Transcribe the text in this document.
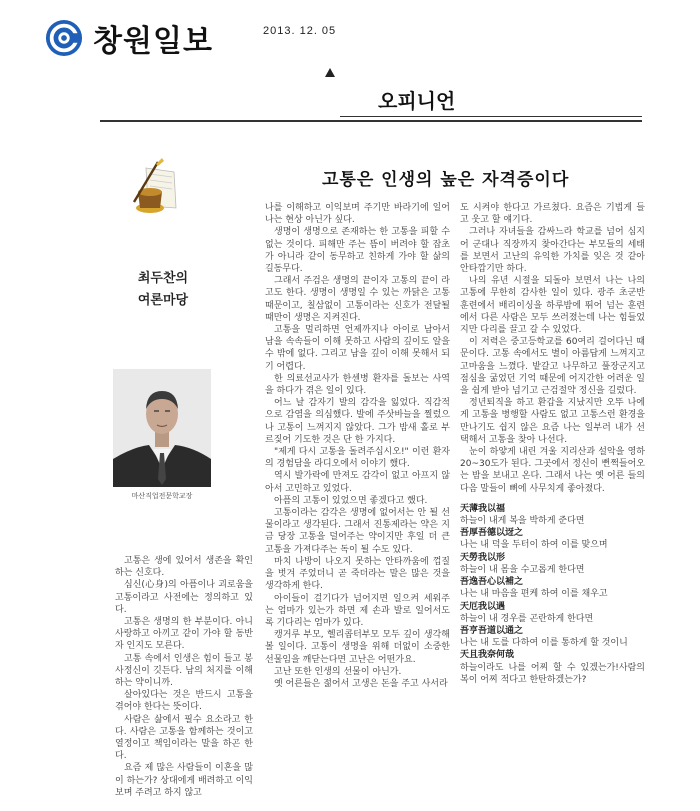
창원일보	2013. 12. 05
오피니언
최두찬의
여론마당
마산직업전문학교장
고통은 인생의 높은 자격증이다

고통은 생에 있어서 생존을 확인하는 신호다.

심신(心身)의 아픔이나 괴로움을 고통이라고 사전에는 정의하고 있다.

고통은 생명의 한 부분이다. 아니 사랑하고 아끼고 같이 가야 할 동반자 인지도 모른다.

고통 속에서 인생은 힘이 들고 봉사정신이 깃든다. 남의 처지를 이해하는 약이니까.

살아있다는 것은 반드시 고통을 겪어야 한다는 뜻이다.

사람은 삶에서 필수 요소라고 한다. 사람은 고통을 함께하는 것이고 열정이고 책임이라는 말을 하곤 한다.

요즘 제 많은 사람들이 이혼을 많이 하는가? 상대에게 배려하고 이익보며 주려고 하지 않고

나를 이해하고 이익보며 주기만 바라기에 일어나는 현상 아닌가 싶다.

생명이 생명으로 존재하는 한 고통을 피할 수 없는 것이다. 피해만 주는 뜸이 버려야 할 잡초가 아니라 같이 동무하고 친하게 가야 할 삶의 길동무다.

그래서 주검은 생명의 끝이자 고통의 끝이 라고도 한다. 생명이 생명일 수 있는 까닭은 고통 때문이고, 칠삼없이 고통이라는 신호가 전달될 때만이 생명은 지켜진다.

고통을 멀리하면 언제까지나 아이로 남아서 남을 속속들이 이해 못하고 사람의 깊이도 알을 수 밖에 없다. 그리고 남을 깊이 이해 못해서 되기 어렵다.

한 의료선교사가 한센병 환자를 돌보는 사역을 하다가 겪은 일이 있다.

어느 날 감자기 발의 감각을 잃었다. 직감적으로 감염을 의심했다. 발에 주삿바늘을 찔렀으나 고통이 느껴지지 않았다. 그가 밤새 홀로 부르짖어 기도한 것은 단 한 가지다.

"제게 다시 고통을 돌려주십시오!" 이런 환자의 경험담을 라디오에서 이야기 했다.

역시 발가락에 만져도 감각이 없고 아프지 않아서 고민하고 있었다.

아픔의 고통이 있었으면 좋겠다고 했다.

고통이라는 감각은 생명에 없어서는 안 될 선물이라고 생각된다. 그래서 진통제라는 약은 지금 당장 고통을 덜어주는 약이지만 후일 더 큰 고통을 가져다주는 독이 될 수도 있다.

마치 나방이 나오지 못하는 안타까움에 껍질을 벗겨 주었더니 곧 죽더라는 말은 많은 것을 생각하게 한다.

아이들이 걸기다가 넘어지면 일으켜 세워주는 엄마가 있는가 하면 제 손과 발로 일어서도록 기다리는 엄마가 있다.

캥거루 부모, 헬리콥터부모 모두 깊이 생각해 볼 일이다. 고통이 생명을 위해 더없이 소중한 선물임을 깨닫는다면 고난은 어떤가요.

고난 또한 인생의 선물이 아닌가.

옛 어른들은 젊어서 고생은 돈을 주고 사서라

도 시켜야 한다고 가르쳤다. 요즘은 기법게 들고 웃고 할 얘기다.

그러나 자녀들을 감싸느라 학교를 넘어 심지어 군대나 직장까지 찾아간다는 부모들의 세태를 보면서 고난의 유익한 가치를 잊은 것 같아 안타깝기만 하다.

나의 유년 시절을 되돌아 보면서 나는 나의 고통에 무한히 감사한 일이 있다. 광주 초군반 훈련에서 배리이싱을 하루밤에 뛰어 넘는 훈련에서 다른 사람은 모두 쓰러졌는데 나는 힘들었지만 다리를 끌고 갈 수 있었다.

이 저력은 중고등학교를 60여리 걸어다닌 때문이다. 고통 속에서도 별이 아름답게 느껴지고 고마움을 느꼈다. 밭갈고 나무하고 풀장군지고 점심을 굶었던 기억 때문에 어지간한 어려운 일을 쉽게 받아 넘기고 근검절약 정신을 길렀다.

정년퇴직을 하고 환갑을 지났지만 오뚜 나에게 고통을 병행할 사람도 없고 고통스런 환경을 만나기도 쉽지 않은 요즘 나는 일부러 내가 선택해서 고통을 찾아 나선다.

눈이 하얗게 내린 겨울 지리산과 설악을 영하 20~30도가 된다. 그곳에서 정신이 뻔쩍들어오는 밤을 보내고 온다. 그래서 나는 옛 어른 들의 다음 말들이 뼈에 사무치게 좋아졌다.

天薄我以福

하늘이 내게 복을 박하게 준다면

吾厚吾德以迓之

나는 내 덕을 두터이 하여 이를 맞으며

天勞我以形

하늘이 내 몸을 수고롭게 한다면

吾逸吾心以補之

나는 내 마음을 편케 하여 이를 채우고

天厄我以遇

하늘이 내 경우를 곤란하게 한다면

吾亨吾道以通之

나는 내 도를 다하여 이를 통하게 할 것이니

天且我奈何哉

하늘이라도 나를 어찌 할 수 있겠는가!사람의 복이 어찌 적다고 한탄하겠는가?
